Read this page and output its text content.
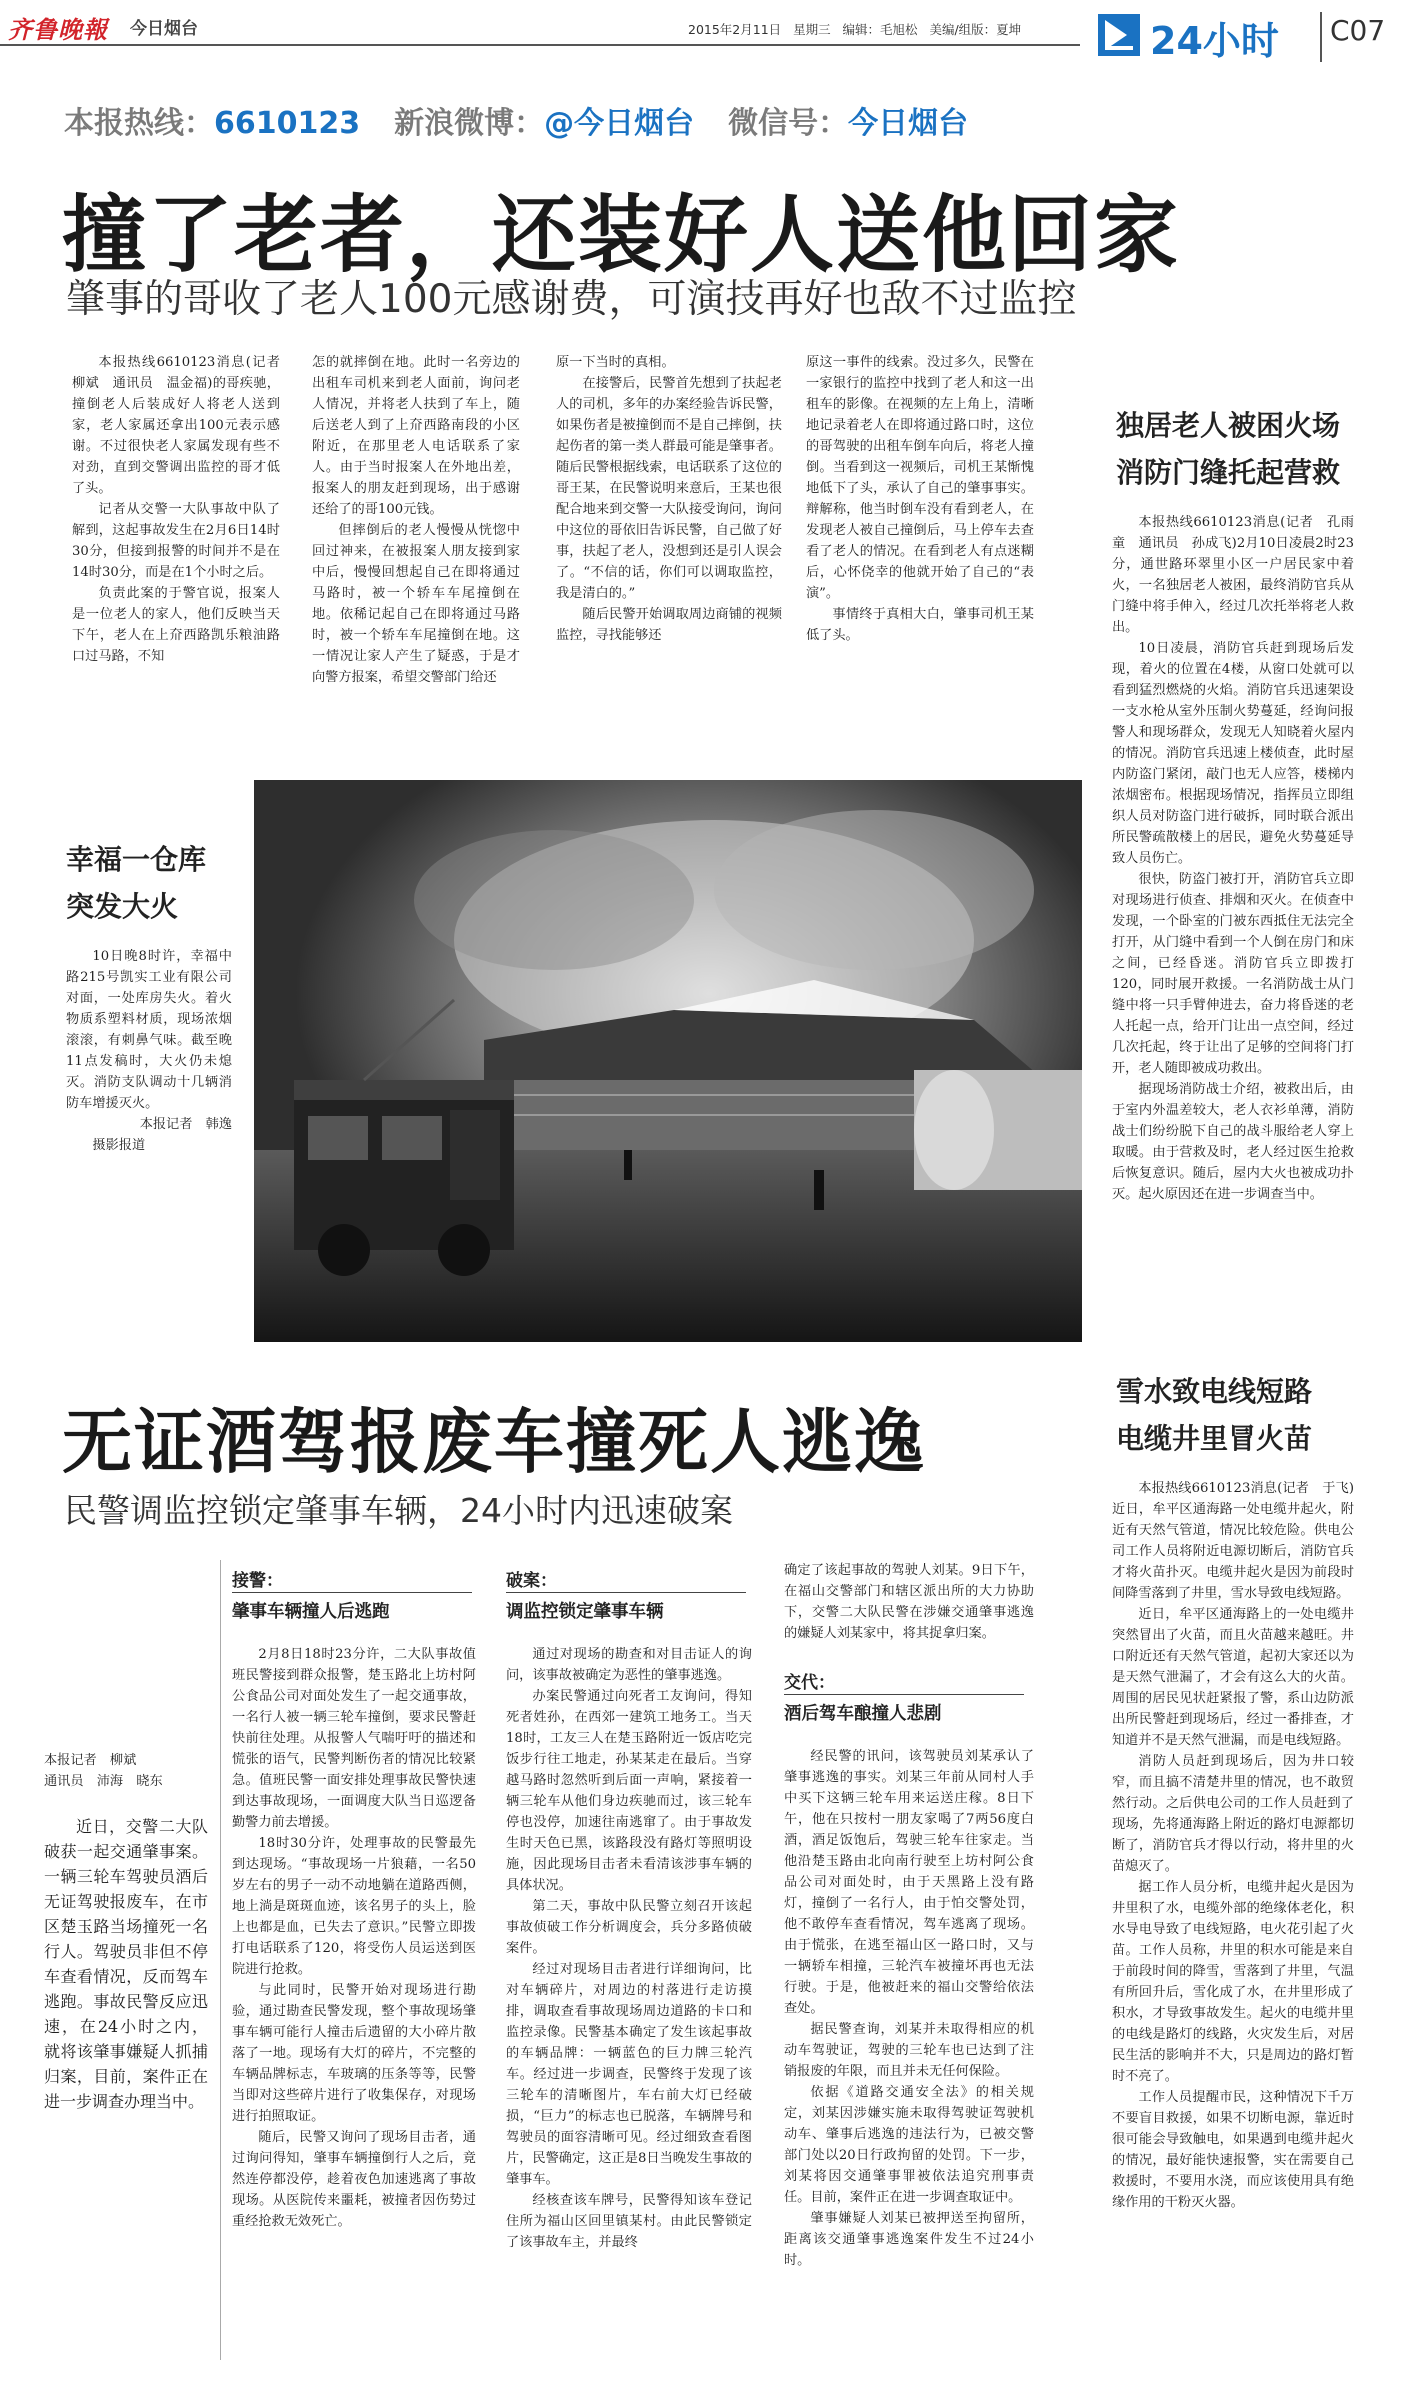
齐鲁晚報 今日烟台	2015年2月11日 星期三 编辑：毛旭松 美编/组版：夏坤	24小时 C07
本报热线：6610123 新浪微博：@今日烟台 微信号：今日烟台
撞了老者，还装好人送他回家
肇事的哥收了老人100元感谢费，可演技再好也敌不过监控

本报热线6610123消息(记者　柳斌　通讯员　温金福)的哥疾驰，撞倒老人后装成好人将老人送到家，老人家属还拿出100元表示感谢。不过很快老人家属发现有些不对劲，直到交警调出监控的哥才低了头。

记者从交警一大队事故中队了解到，这起事故发生在2月6日14时30分，但接到报警的时间并不是在14时30分，而是在1个小时之后。

负责此案的于警官说，报案人是一位老人的家人，他们反映当天下午，老人在上夼西路凯乐粮油路口过马路，不知

怎的就摔倒在地。此时一名旁边的出租车司机来到老人面前，询问老人情况，并将老人扶到了车上，随后送老人到了上夼西路南段的小区附近，在那里老人电话联系了家人。由于当时报案人在外地出差，报案人的朋友赶到现场，出于感谢还给了的哥100元钱。

但摔倒后的老人慢慢从恍惚中回过神来，在被报案人朋友接到家中后，慢慢回想起自己在即将通过马路时，被一个轿车车尾撞倒在地。依稀记起自己在即将通过马路时，被一个轿车车尾撞倒在地。这一情况让家人产生了疑惑，于是才向警方报案，希望交警部门给还

原一下当时的真相。

在接警后，民警首先想到了扶起老人的司机，多年的办案经验告诉民警，如果伤者是被撞倒而不是自己摔倒，扶起伤者的第一类人群最可能是肇事者。随后民警根据线索，电话联系了这位的哥王某，在民警说明来意后，王某也很配合地来到交警一大队接受询问，询问中这位的哥依旧告诉民警，自己做了好事，扶起了老人，没想到还是引人误会了。“不信的话，你们可以调取监控，我是清白的。”

随后民警开始调取周边商铺的视频监控，寻找能够还

原这一事件的线索。没过多久，民警在一家银行的监控中找到了老人和这一出租车的影像。在视频的左上角上，清晰地记录着老人在即将通过路口时，这位的哥驾驶的出租车倒车向后，将老人撞倒。当看到这一视频后，司机王某惭愧地低下了头，承认了自己的肇事事实。辩解称，他当时倒车没有看到老人，在发现老人被自己撞倒后，马上停车去查看了老人的情况。在看到老人有点迷糊后，心怀侥幸的他就开始了自己的“表演”。

事情终于真相大白，肇事司机王某低了头。

幸福一仓库
突发大火

10日晚8时许，幸福中路215号凯实工业有限公司对面，一处库房失火。着火物质系塑料材质，现场浓烟滚滚，有刺鼻气味。截至晚11点发稿时，大火仍未熄灭。消防支队调动十几辆消防车增援灭火。

本报记者　韩逸

摄影报道

独居老人被困火场
消防门缝托起营救

本报热线6610123消息(记者　孔雨童　通讯员　孙成飞)2月10日凌晨2时23分，通世路环翠里小区一户居民家中着火，一名独居老人被困，最终消防官兵从门缝中将手伸入，经过几次托举将老人救出。

10日凌晨，消防官兵赶到现场后发现，着火的位置在4楼，从窗口处就可以看到猛烈燃烧的火焰。消防官兵迅速架设一支水枪从室外压制火势蔓延，经询问报警人和现场群众，发现无人知晓着火屋内的情况。消防官兵迅速上楼侦查，此时屋内防盗门紧闭，敲门也无人应答，楼梯内浓烟密布。根据现场情况，指挥员立即组织人员对防盗门进行破拆，同时联合派出所民警疏散楼上的居民，避免火势蔓延导致人员伤亡。

很快，防盗门被打开，消防官兵立即对现场进行侦查、排烟和灭火。在侦查中发现，一个卧室的门被东西抵住无法完全打开，从门缝中看到一个人倒在房门和床之间，已经昏迷。消防官兵立即拨打120，同时展开救援。一名消防战士从门缝中将一只手臂伸进去，奋力将昏迷的老人托起一点，给开门让出一点空间，经过几次托起，终于让出了足够的空间将门打开，老人随即被成功救出。

据现场消防战士介绍，被救出后，由于室内外温差较大，老人衣衫单薄，消防战士们纷纷脱下自己的战斗服给老人穿上取暖。由于营救及时，老人经过医生抢救后恢复意识。随后，屋内大火也被成功扑灭。起火原因还在进一步调查当中。

雪水致电线短路
电缆井里冒火苗

本报热线6610123消息(记者　于飞)　近日，牟平区通海路一处电缆井起火，附近有天然气管道，情况比较危险。供电公司工作人员将附近电源切断后，消防官兵才将火苗扑灭。电缆井起火是因为前段时间降雪落到了井里，雪水导致电线短路。

近日，牟平区通海路上的一处电缆井突然冒出了火苗，而且火苗越来越旺。井口附近还有天然气管道，起初大家还以为是天然气泄漏了，才会有这么大的火苗。周围的居民见状赶紧报了警，系山边防派出所民警赶到现场后，经过一番排查，才知道并不是天然气泄漏，而是电线短路。

消防人员赶到现场后，因为井口较窄，而且搞不清楚井里的情况，也不敢贸然行动。之后供电公司的工作人员赶到了现场，先将通海路上附近的路灯电源都切断了，消防官兵才得以行动，将井里的火苗熄灭了。

据工作人员分析，电缆井起火是因为井里积了水，电缆外部的绝缘体老化，积水导电导致了电线短路，电火花引起了火苗。工作人员称，井里的积水可能是来自于前段时间的降雪，雪落到了井里，气温有所回升后，雪化成了水，在井里形成了积水，才导致事故发生。起火的电缆井里的电线是路灯的线路，火灾发生后，对居民生活的影响并不大，只是周边的路灯暂时不亮了。

工作人员提醒市民，这种情况下千万不要盲目救援，如果不切断电源，靠近时很可能会导致触电，如果遇到电缆井起火的情况，最好能快速报警，实在需要自己救援时，不要用水浇，而应该使用具有绝缘作用的干粉灭火器。

无证酒驾报废车撞死人逃逸
民警调监控锁定肇事车辆，24小时内迅速破案
本报记者　柳斌
通讯员　沛海　晓东

近日，交警二大队破获一起交通肇事案。一辆三轮车驾驶员酒后无证驾驶报废车，在市区楚玉路当场撞死一名行人。驾驶员非但不停车查看情况，反而驾车逃跑。事故民警反应迅速，在24小时之内，就将该肇事嫌疑人抓捕归案，目前，案件正在进一步调查办理当中。

接警：
肇事车辆撞人后逃跑

2月8日18时23分许，二大队事故值班民警接到群众报警，楚玉路北上坊村阿公食品公司对面处发生了一起交通事故，一名行人被一辆三轮车撞倒，要求民警赶快前往处理。从报警人气喘吁吁的描述和慌张的语气，民警判断伤者的情况比较紧急。值班民警一面安排处理事故民警快速到达事故现场，一面调度大队当日巡逻备勤警力前去增援。

18时30分许，处理事故的民警最先到达现场。“事故现场一片狼藉，一名50岁左右的男子一动不动地躺在道路西侧，地上淌是斑斑血迹，该名男子的头上，脸上也都是血，已失去了意识。”民警立即拨打电话联系了120，将受伤人员运送到医院进行抢救。

与此同时，民警开始对现场进行勘验，通过勘查民警发现，整个事故现场肇事车辆可能行人撞击后遗留的大小碎片散落了一地。现场有大灯的碎片，不完整的车辆品牌标志，车玻璃的压条等等，民警当即对这些碎片进行了收集保存，对现场进行拍照取证。

随后，民警又询问了现场目击者，通过询问得知，肇事车辆撞倒行人之后，竟然连停都没停，趁着夜色加速逃离了事故现场。从医院传来噩耗，被撞者因伤势过重经抢救无效死亡。

破案：
调监控锁定肇事车辆

通过对现场的勘查和对目击证人的询问，该事故被确定为恶性的肇事逃逸。

办案民警通过向死者工友询问，得知死者姓孙，在西郊一建筑工地务工。当天18时，工友三人在楚玉路附近一饭店吃完饭步行往工地走，孙某某走在最后。当穿越马路时忽然听到后面一声响，紧接着一辆三轮车从他们身边疾驰而过，该三轮车停也没停，加速往南逃窜了。由于事故发生时天色已黑，该路段没有路灯等照明设施，因此现场目击者未看清该涉事车辆的具体状况。

第二天，事故中队民警立刻召开该起事故侦破工作分析调度会，兵分多路侦破案件。

经过对现场目击者进行详细询问，比对车辆碎片，对周边的村落进行走访摸排，调取查看事故现场周边道路的卡口和监控录像。民警基本确定了发生该起事故的车辆品牌：一辆蓝色的巨力牌三轮汽车。经过进一步调查，民警终于发现了该三轮车的清晰图片，车右前大灯已经破损，“巨力”的标志也已脱落，车辆牌号和驾驶员的面容清晰可见。经过细致查看图片，民警确定，这正是8日当晚发生事故的肇事车。

经核查该车牌号，民警得知该车登记住所为福山区回里镇某村。由此民警锁定了该事故车主，并最终

确定了该起事故的驾驶人刘某。9日下午，在福山交警部门和辖区派出所的大力协助下，交警二大队民警在涉嫌交通肇事逃逸的嫌疑人刘某家中，将其捉拿归案。

交代：
酒后驾车酿撞人悲剧

经民警的讯问，该驾驶员刘某承认了肇事逃逸的事实。刘某三年前从同村人手中买下这辆三轮车用来运送庄稼。8日下午，他在只按村一朋友家喝了7两56度白酒，酒足饭饱后，驾驶三轮车往家走。当他沿楚玉路由北向南行驶至上坊村阿公食品公司对面处时，由于天黑路上没有路灯，撞倒了一名行人，由于怕交警处罚，他不敢停车查看情况，驾车逃离了现场。由于慌张，在逃至福山区一路口时，又与一辆轿车相撞，三轮汽车被撞坏再也无法行驶。于是，他被赶来的福山交警给依法查处。

据民警查询，刘某并未取得相应的机动车驾驶证，驾驶的三轮车也已达到了注销报废的年限，而且并未无任何保险。

依据《道路交通安全法》的相关规定，刘某因涉嫌实施未取得驾驶证驾驶机动车、肇事后逃逸的违法行为，已被交警部门处以20日行政拘留的处罚。下一步，刘某将因交通肇事罪被依法追究刑事责任。目前，案件正在进一步调查取证中。

肇事嫌疑人刘某已被押送至拘留所，距离该交通肇事逃逸案件发生不过24小时。
